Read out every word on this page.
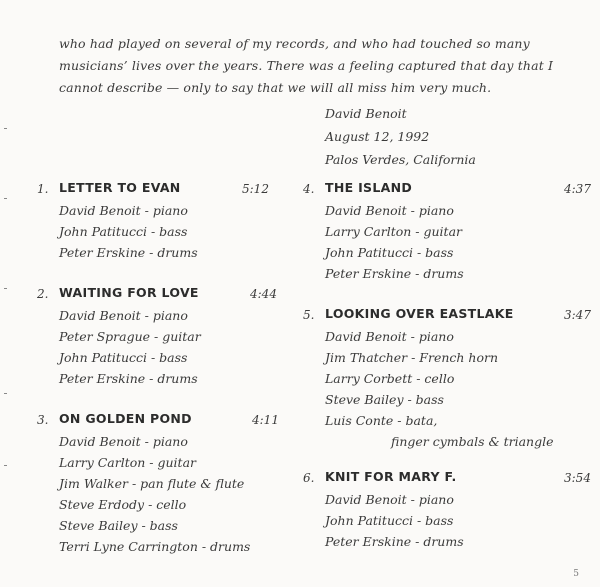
who had played on several of my records, and who had touched so many

musicians’ lives over the years. There was a feeling captured that day that I

cannot describe — only to say that we will all miss him very much.

David Benoit
August 12, 1992
Palos Verdes, California
1. LETTER TO EVAN	5:12
David Benoit - piano
John Patitucci - bass
Peter Erskine - drums
2. WAITING FOR LOVE	4:44
David Benoit - piano
Peter Sprague - guitar
John Patitucci - bass
Peter Erskine - drums
3. ON GOLDEN POND	4:11
David Benoit - piano
Larry Carlton - guitar
Jim Walker - pan flute & flute
Steve Erdody - cello
Steve Bailey - bass
Terri Lyne Carrington - drums
4. THE ISLAND	4:37
David Benoit - piano
Larry Carlton - guitar
John Patitucci - bass
Peter Erskine - drums
5. LOOKING OVER EASTLAKE	3:47
David Benoit - piano
Jim Thatcher - French horn
Larry Corbett - cello
Steve Bailey - bass
Luis Conte - bata,
finger cymbals & triangle
6. KNIT FOR MARY F.	3:54
David Benoit - piano
John Patitucci - bass
Peter Erskine - drums
5
